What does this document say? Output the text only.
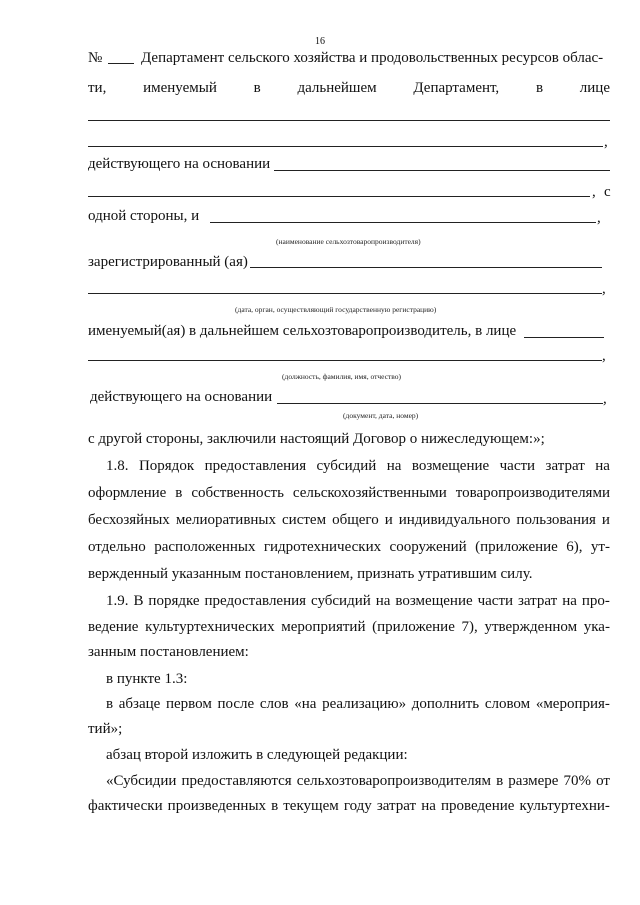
16
№	Департамент сельского хозяйства и продовольственных ресурсов облас-
ти, именуемый в дальнейшем Департамент, в лице
,
действующего на основании
, с
одной стороны, и	,
(наименование сельхозтоваропроизводителя)
зарегистрированный (ая)
,
(дата, орган, осуществляющий государственную регистрацию)
именуемый(ая) в дальнейшем сельхозтоваропроизводитель, в лице
,
(должность, фамилия, имя, отчество)
действующего на основании	,
(документ, дата, номер)
с другой стороны, заключили настоящий Договор о нижеследующем:»;
1.8. Порядок предоставления субсидий на возмещение части затрат на
оформление в собственность сельскохозяйственными товаропроизводителями
бесхозяйных мелиоративных систем общего и индивидуального пользования и
отдельно расположенных гидротехнических сооружений (приложение 6), ут-
вержденный указанным постановлением, признать утратившим силу.
1.9. В порядке предоставления субсидий на возмещение части затрат на про-
ведение культуртехнических мероприятий (приложение 7), утвержденном ука-
занным постановлением:
в пункте 1.3:
в абзаце первом после слов «на реализацию» дополнить словом «мероприя-
тий»;
абзац второй изложить в следующей редакции:
«Субсидии предоставляются сельхозтоваропроизводителям в размере 70% от
фактически произведенных в текущем году затрат на проведение культуртехни-
